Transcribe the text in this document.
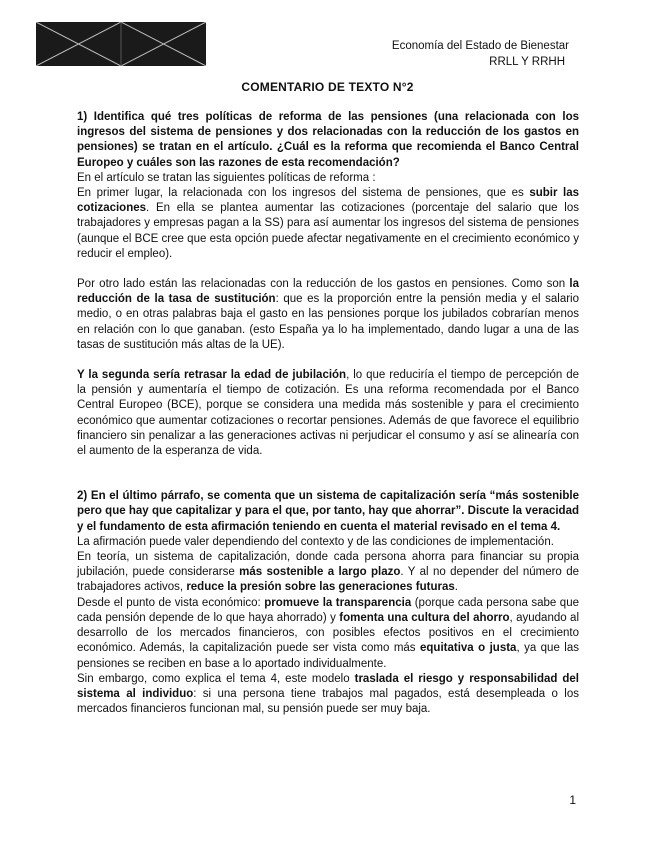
Economía del Estado de Bienestar
RRLL Y RRHH
COMENTARIO DE TEXTO N°2

1) Identifica qué tres políticas de reforma de las pensiones (una relacionada con los ingresos del sistema de pensiones y dos relacionadas con la reducción de los gastos en pensiones) se tratan en el artículo. ¿Cuál es la reforma que recomienda el Banco Central Europeo y cuáles son las razones de esta recomendación?

En el artículo se tratan las siguientes políticas de reforma :

En primer lugar, la relacionada con los ingresos del sistema de pensiones, que es subir las cotizaciones. En ella se plantea aumentar las cotizaciones (porcentaje del salario que los trabajadores y empresas pagan a la SS) para así aumentar los ingresos del sistema de pensiones (aunque el BCE cree que esta opción puede afectar negativamente en el crecimiento económico y reducir el empleo).

Por otro lado están las relacionadas con la reducción de los gastos en pensiones. Como son la reducción de la tasa de sustitución: que es la proporción entre la pensión media y el salario medio, o en otras palabras baja el gasto en las pensiones porque los jubilados cobrarían menos en relación con lo que ganaban. (esto España ya lo ha implementado, dando lugar a una de las tasas de sustitución más altas de la UE).

Y la segunda sería retrasar la edad de jubilación, lo que reduciría el tiempo de percepción de la pensión y aumentaría el tiempo de cotización. Es una reforma recomendada por el Banco Central Europeo (BCE), porque se considera una medida más sostenible y para el crecimiento económico que aumentar cotizaciones o recortar pensiones. Además de que favorece el equilibrio financiero sin penalizar a las generaciones activas ni perjudicar el consumo y así se alinearía con el aumento de la esperanza de vida.

2) En el último párrafo, se comenta que un sistema de capitalización sería “más sostenible pero que hay que capitalizar y para el que, por tanto, hay que ahorrar”. Discute la veracidad y el fundamento de esta afirmación teniendo en cuenta el material revisado en el tema 4.

La afirmación puede valer dependiendo del contexto y de las condiciones de implementación.

En teoría, un sistema de capitalización, donde cada persona ahorra para financiar su propia jubilación, puede considerarse más sostenible a largo plazo. Y al no depender del número de trabajadores activos, reduce la presión sobre las generaciones futuras.

Desde el punto de vista económico: promueve la transparencia (porque cada persona sabe que cada pensión depende de lo que haya ahorrado) y fomenta una cultura del ahorro, ayudando al desarrollo de los mercados financieros, con posibles efectos positivos en el crecimiento económico. Además, la capitalización puede ser vista como más equitativa o justa, ya que las pensiones se reciben en base a lo aportado individualmente.

Sin embargo, como explica el tema 4, este modelo traslada el riesgo y responsabilidad del sistema al individuo: si una persona tiene trabajos mal pagados, está desempleada o los mercados financieros funcionan mal, su pensión puede ser muy baja.

1
